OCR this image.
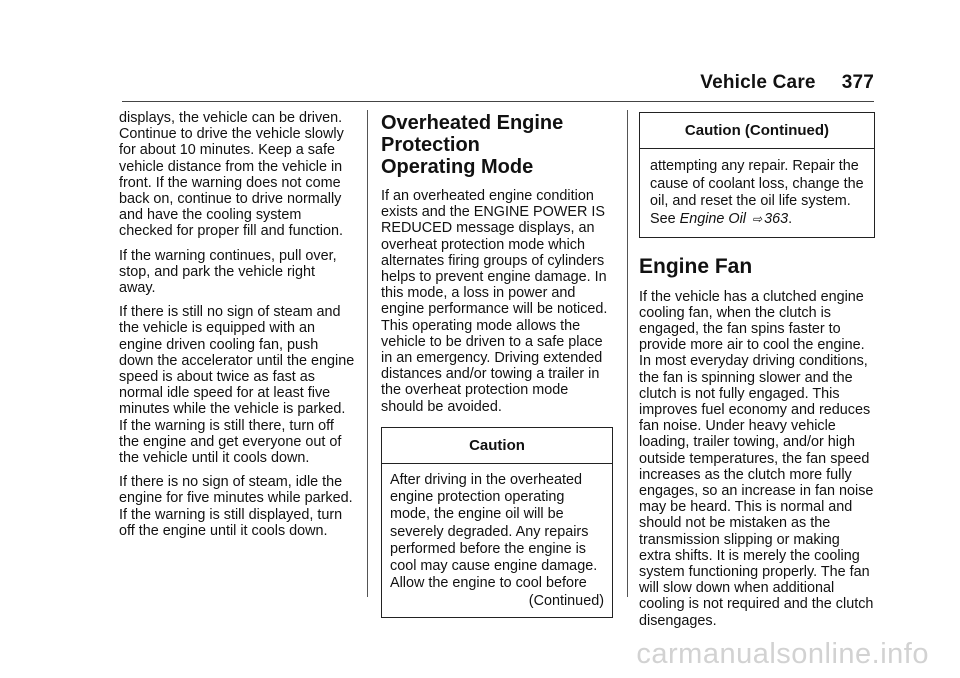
Vehicle Care 377

displays, the vehicle can be driven. Continue to drive the vehicle slowly for about 10 minutes. Keep a safe vehicle distance from the vehicle in front. If the warning does not come back on, continue to drive normally and have the cooling system checked for proper fill and function.

If the warning continues, pull over, stop, and park the vehicle right away.

If there is still no sign of steam and the vehicle is equipped with an engine driven cooling fan, push down the accelerator until the engine speed is about twice as fast as normal idle speed for at least five minutes while the vehicle is parked. If the warning is still there, turn off the engine and get everyone out of the vehicle until it cools down.

If there is no sign of steam, idle the engine for five minutes while parked. If the warning is still displayed, turn off the engine until it cools down.

Overheated Engine
Protection
Operating Mode

If an overheated engine condition exists and the ENGINE POWER IS REDUCED message displays, an overheat protection mode which alternates firing groups of cylinders helps to prevent engine damage. In this mode, a loss in power and engine performance will be noticed. This operating mode allows the vehicle to be driven to a safe place in an emergency. Driving extended distances and/or towing a trailer in the overheat protection mode should be avoided.

Caution
After driving in the overheated engine protection operating mode, the engine oil will be severely degraded. Any repairs performed before the engine is cool may cause engine damage. Allow the engine to cool before
(Continued)
Caution (Continued)
attempting any repair. Repair the cause of coolant loss, change the oil, and reset the oil life system. See Engine Oil ⇨ 363.
Engine Fan

If the vehicle has a clutched engine cooling fan, when the clutch is engaged, the fan spins faster to provide more air to cool the engine. In most everyday driving conditions, the fan is spinning slower and the clutch is not fully engaged. This improves fuel economy and reduces fan noise. Under heavy vehicle loading, trailer towing, and/or high outside temperatures, the fan speed increases as the clutch more fully engages, so an increase in fan noise may be heard. This is normal and should not be mistaken as the transmission slipping or making extra shifts. It is merely the cooling system functioning properly. The fan will slow down when additional cooling is not required and the clutch disengages.

carmanualsonline.info
